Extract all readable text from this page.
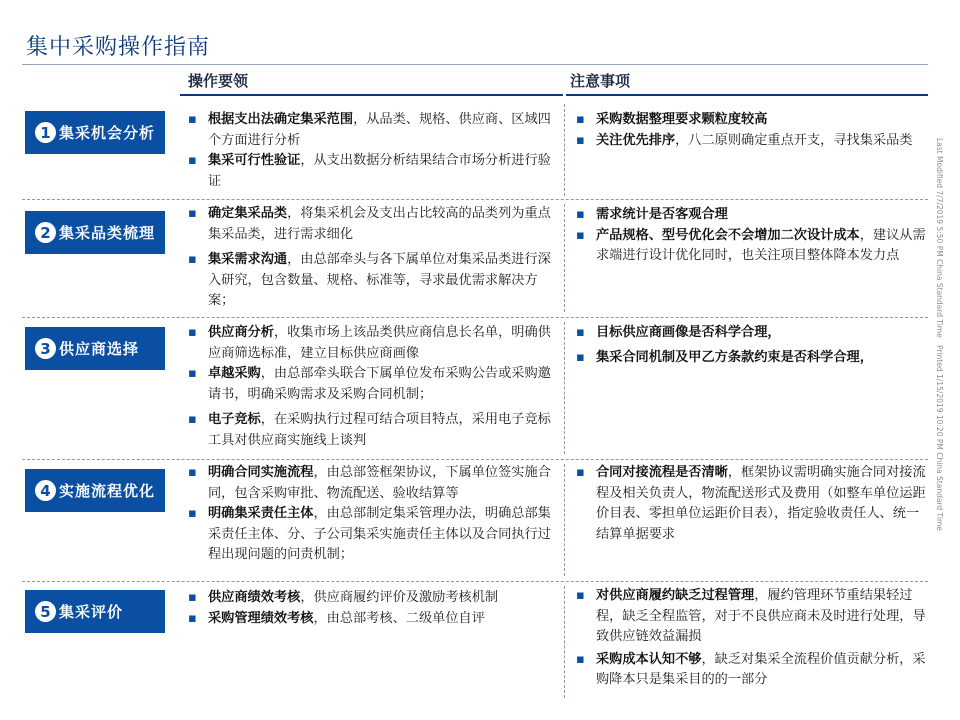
集中采购操作指南
操作要领	注意事项
1 集采机会分析
▪ 根据支出法确定集采范围，从品类、规格、供应商、区域四个方面进行分析
▪ 集采可行性验证，从支出数据分析结果结合市场分析进行验证
▪ 采购数据整理要求颗粒度较高
▪ 关注优先排序，八二原则确定重点开支，寻找集采品类
2 集采品类梳理
▪ 确定集采品类，将集采机会及支出占比较高的品类列为重点集采品类，进行需求细化
▪ 集采需求沟通，由总部牵头与各下属单位对集采品类进行深入研究，包含数量、规格、标准等，寻求最优需求解决方案；
▪ 需求统计是否客观合理
▪ 产品规格、型号优化会不会增加二次设计成本，建议从需求端进行设计优化同时，也关注项目整体降本发力点
3 供应商选择
▪ 供应商分析，收集市场上该品类供应商信息长名单，明确供应商筛选标准，建立目标供应商画像
▪ 卓越采购，由总部牵头联合下属单位发布采购公告或采购邀请书，明确采购需求及采购合同机制；
▪ 电子竞标，在采购执行过程可结合项目特点，采用电子竞标工具对供应商实施线上谈判
▪ 目标供应商画像是否科学合理，
▪ 集采合同机制及甲乙方条款约束是否科学合理，
4 实施流程优化
▪ 明确合同实施流程，由总部签框架协议，下属单位签实施合同，包含采购审批、物流配送、验收结算等
▪ 明确集采责任主体，由总部制定集采管理办法，明确总部集采责任主体、分、子公司集采实施责任主体以及合同执行过程出现问题的问责机制；
▪ 合同对接流程是否清晰，框架协议需明确实施合同对接流程及相关负责人，物流配送形式及费用（如整车单位运距价目表、零担单位运距价目表），指定验收责任人、统一结算单据要求
5 集采评价
▪ 供应商绩效考核，供应商履约评价及激励考核机制
▪ 采购管理绩效考核，由总部考核、二级单位自评
▪ 对供应商履约缺乏过程管理，履约管理环节重结果轻过程，缺乏全程监管，对于不良供应商未及时进行处理，导致供应链效益漏损
▪ 采购成本认知不够，缺乏对集采全流程价值贡献分析，采购降本只是集采目的的一部分
Last Modified 7/7/2019 5:50 PM China Standard Time
Printed 1/15/2019 10:20 PM China Standard Time
